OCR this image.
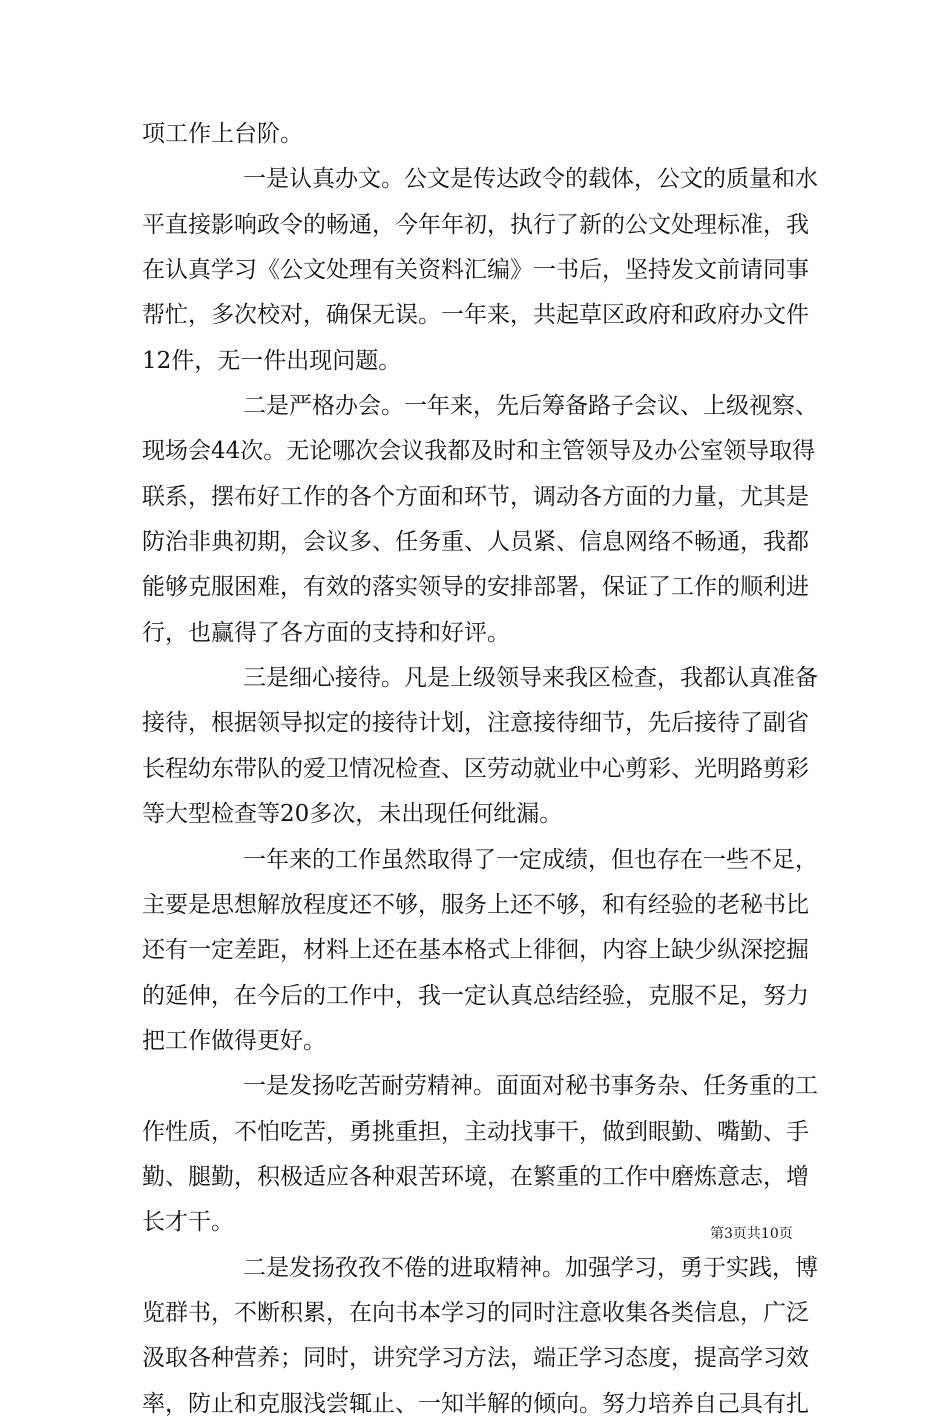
项工作上台阶。
一是认真办文。公文是传达政令的载体，公文的质量和水
平直接影响政令的畅通，今年年初，执行了新的公文处理标准，我
在认真学习《公文处理有关资料汇编》一书后，坚持发文前请同事
帮忙，多次校对，确保无误。一年来，共起草区政府和政府办文件
12件，无一件出现问题。
二是严格办会。一年来，先后筹备路子会议、上级视察、
现场会44次。无论哪次会议我都及时和主管领导及办公室领导取得
联系，摆布好工作的各个方面和环节，调动各方面的力量，尤其是
防治非典初期，会议多、任务重、人员紧、信息网络不畅通，我都
能够克服困难，有效的落实领导的安排部署，保证了工作的顺利进
行，也赢得了各方面的支持和好评。
三是细心接待。凡是上级领导来我区检查，我都认真准备
接待，根据领导拟定的接待计划，注意接待细节，先后接待了副省
长程幼东带队的爱卫情况检查、区劳动就业中心剪彩、光明路剪彩
等大型检查等20多次，未出现任何纰漏。
一年来的工作虽然取得了一定成绩，但也存在一些不足，
主要是思想解放程度还不够，服务上还不够，和有经验的老秘书比
还有一定差距，材料上还在基本格式上徘徊，内容上缺少纵深挖掘
的延伸，在今后的工作中，我一定认真总结经验，克服不足，努力
把工作做得更好。
一是发扬吃苦耐劳精神。面面对秘书事务杂、任务重的工
作性质，不怕吃苦，勇挑重担，主动找事干，做到眼勤、嘴勤、手
勤、腿勤，积极适应各种艰苦环境，在繁重的工作中磨炼意志，增
长才干。
二是发扬孜孜不倦的进取精神。加强学习，勇于实践，博
览群书，不断积累，在向书本学习的同时注意收集各类信息，广泛
汲取各种营养；同时，讲究学习方法，端正学习态度，提高学习效
率，防止和克服浅尝辄止、一知半解的倾向。努力培养自己具有扎
第3页共10页
